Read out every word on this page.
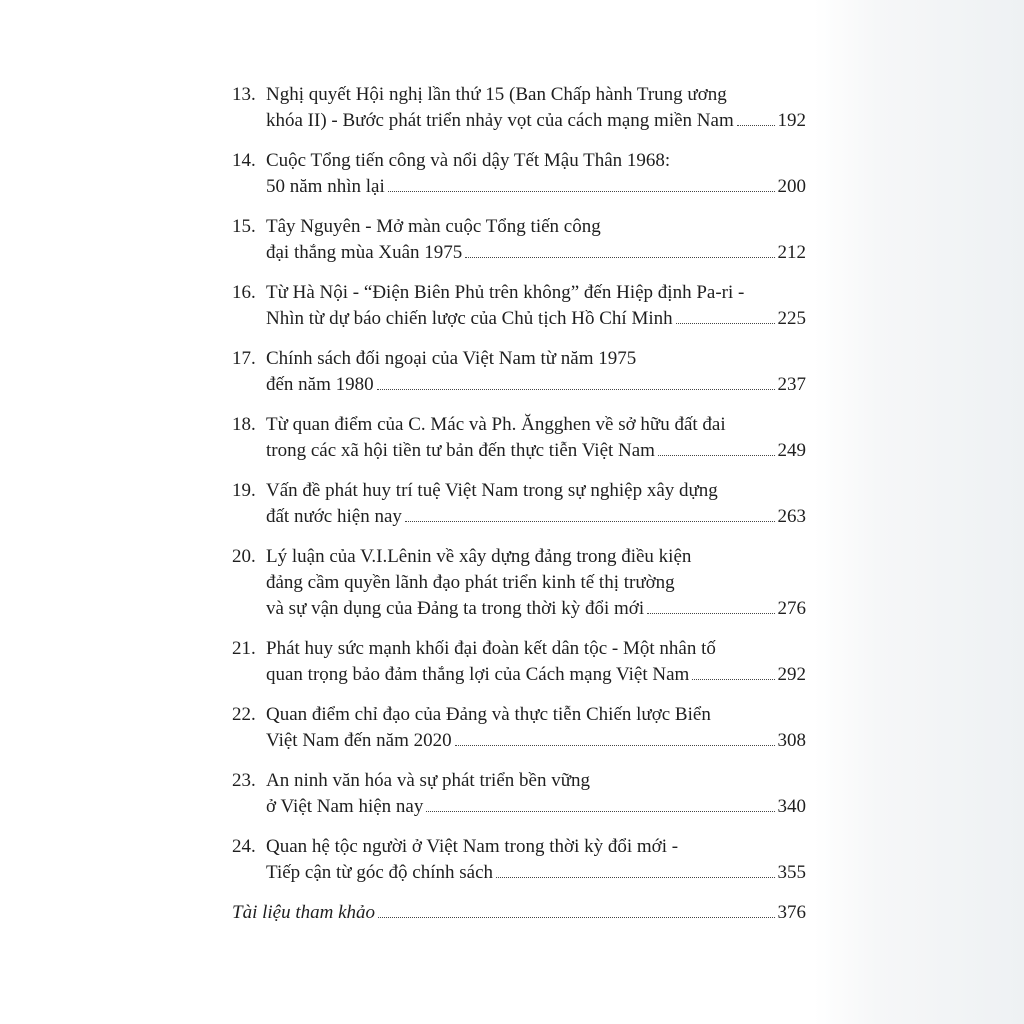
13. Nghị quyết Hội nghị lần thứ 15 (Ban Chấp hành Trung ương
khóa II) - Bước phát triển nhảy vọt của cách mạng miền Nam 192
14. Cuộc Tổng tiến công và nổi dậy Tết Mậu Thân 1968:
50 năm nhìn lại	200
15. Tây Nguyên - Mở màn cuộc Tổng tiến công
đại thắng mùa Xuân 1975	212
16. Từ Hà Nội - “Điện Biên Phủ trên không” đến Hiệp định Pa-ri -
Nhìn từ dự báo chiến lược của Chủ tịch Hồ Chí Minh	225
17. Chính sách đối ngoại của Việt Nam từ năm 1975
đến năm 1980	237
18. Từ quan điểm của C. Mác và Ph. Ăngghen về sở hữu đất đai
trong các xã hội tiền tư bản đến thực tiễn Việt Nam	249
19. Vấn đề phát huy trí tuệ Việt Nam trong sự nghiệp xây dựng
đất nước hiện nay	263
20. Lý luận của V.I.Lênin về xây dựng đảng trong điều kiện
đảng cầm quyền lãnh đạo phát triển kinh tế thị trường
và sự vận dụng của Đảng ta trong thời kỳ đổi mới	276
21. Phát huy sức mạnh khối đại đoàn kết dân tộc - Một nhân tố
quan trọng bảo đảm thắng lợi của Cách mạng Việt Nam	292
22. Quan điểm chỉ đạo của Đảng và thực tiễn Chiến lược Biển
Việt Nam đến năm 2020	308
23. An ninh văn hóa và sự phát triển bền vững
ở Việt Nam hiện nay	340
24. Quan hệ tộc người ở Việt Nam trong thời kỳ đổi mới -
Tiếp cận từ góc độ chính sách	355
Tài liệu tham khảo	376
